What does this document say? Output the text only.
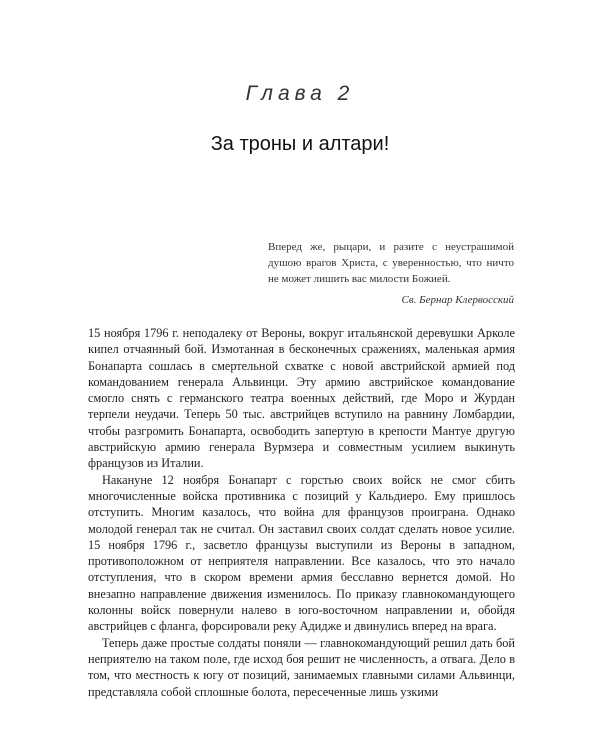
Глава 2
За троны и алтари!

Вперед же, рыцари, и разите с неустрашимой душою врагов Христа, с уверенностью, что ничто не может лишить вас милости Божией.

Св. Бернар Клервосский

15 ноября 1796 г. неподалеку от Вероны, вокруг итальянской деревушки Арколе кипел отчаянный бой. Измотанная в бесконечных сражениях, маленькая армия Бонапарта сошлась в смертельной схватке с новой австрийской армией под командованием генерала Альвинци. Эту армию австрийское командование смогло снять с германского театра военных действий, где Моро и Журдан терпели неудачи. Теперь 50 тыс. австрийцев вступило на равнину Ломбардии, чтобы разгромить Бонапарта, освободить запертую в крепости Мантуе другую австрийскую армию генерала Вурмзера и совместным усилием выкинуть французов из Италии.

Накануне 12 ноября Бонапарт с горстью своих войск не смог сбить многочисленные войска противника с позиций у Кальдиеро. Ему пришлось отступить. Многим казалось, что война для французов проиграна. Однако молодой генерал так не считал. Он заставил своих солдат сделать новое усилие. 15 ноября 1796 г., засветло французы выступили из Вероны в западном, противоположном от неприятеля направлении. Все казалось, что это начало отступления, что в скором времени армия бесславно вернется домой. Но внезапно направление движения изменилось. По приказу главнокомандующего колонны войск повернули налево в юго-восточном направлении и, обойдя австрийцев с фланга, форсировали реку Адидже и двинулись вперед на врага.

Теперь даже простые солдаты поняли — главнокомандующий решил дать бой неприятелю на таком поле, где исход боя решит не численность, а отвага. Дело в том, что местность к югу от позиций, занимаемых главными силами Альвинци, представляла собой сплошные болота, пересеченные лишь узкими
